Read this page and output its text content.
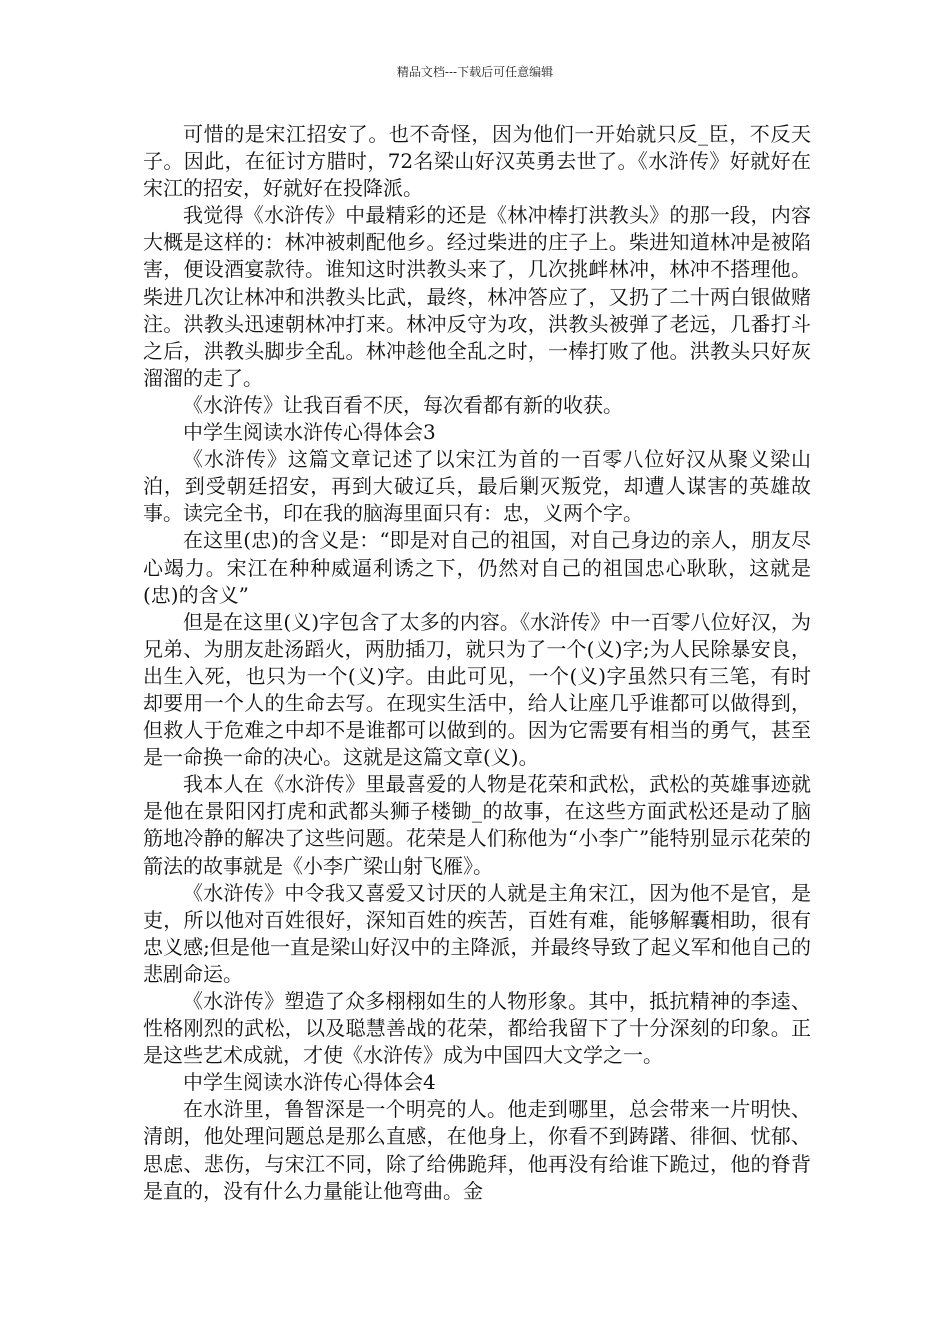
精品文档---下载后可任意编辑

可惜的是宋江招安了。也不奇怪，因为他们一开始就只反_臣，不反天子。因此，在征讨方腊时，72名梁山好汉英勇去世了。《水浒传》好就好在宋江的招安，好就好在投降派。

我觉得《水浒传》中最精彩的还是《林冲棒打洪教头》的那一段，内容大概是这样的：林冲被刺配他乡。经过柴进的庄子上。柴进知道林冲是被陷害，便设酒宴款待。谁知这时洪教头来了，几次挑衅林冲，林冲不搭理他。柴进几次让林冲和洪教头比武，最终，林冲答应了，又扔了二十两白银做赌注。洪教头迅速朝林冲打来。林冲反守为攻，洪教头被弹了老远，几番打斗之后，洪教头脚步全乱。林冲趁他全乱之时，一棒打败了他。洪教头只好灰溜溜的走了。

《水浒传》让我百看不厌，每次看都有新的收获。

中学生阅读水浒传心得体会3

《水浒传》这篇文章记述了以宋江为首的一百零八位好汉从聚义梁山泊，到受朝廷招安，再到大破辽兵，最后剿灭叛党，却遭人谋害的英雄故事。读完全书，印在我的脑海里面只有：忠，义两个字。

在这里(忠)的含义是：“即是对自己的祖国，对自己身边的亲人，朋友尽心竭力。宋江在种种威逼利诱之下，仍然对自己的祖国忠心耿耿，这就是(忠)的含义”

但是在这里(义)字包含了太多的内容。《水浒传》中一百零八位好汉，为兄弟、为朋友赴汤蹈火，两肋插刀，就只为了一个(义)字;为人民除暴安良，出生入死，也只为一个(义)字。由此可见，一个(义)字虽然只有三笔，有时却要用一个人的生命去写。在现实生活中，给人让座几乎谁都可以做得到，但救人于危难之中却不是谁都可以做到的。因为它需要有相当的勇气，甚至是一命换一命的决心。这就是这篇文章(义)。

我本人在《水浒传》里最喜爱的人物是花荣和武松，武松的英雄事迹就是他在景阳冈打虎和武都头狮子楼锄_的故事，在这些方面武松还是动了脑筋地冷静的解决了这些问题。花荣是人们称他为“小李广”能特别显示花荣的箭法的故事就是《小李广梁山射飞雁》。

《水浒传》中令我又喜爱又讨厌的人就是主角宋江，因为他不是官，是吏，所以他对百姓很好，深知百姓的疾苦，百姓有难，能够解囊相助，很有忠义感;但是他一直是梁山好汉中的主降派，并最终导致了起义军和他自己的悲剧命运。

《水浒传》塑造了众多栩栩如生的人物形象。其中，抵抗精神的李逵、性格刚烈的武松，以及聪慧善战的花荣，都给我留下了十分深刻的印象。正是这些艺术成就，才使《水浒传》成为中国四大文学之一。

中学生阅读水浒传心得体会4

在水浒里，鲁智深是一个明亮的人。他走到哪里，总会带来一片明快、清朗，他处理问题总是那么直感，在他身上，你看不到踌躇、徘徊、忧郁、思虑、悲伤，与宋江不同，除了给佛跪拜，他再没有给谁下跪过，他的脊背是直的，没有什么力量能让他弯曲。金
